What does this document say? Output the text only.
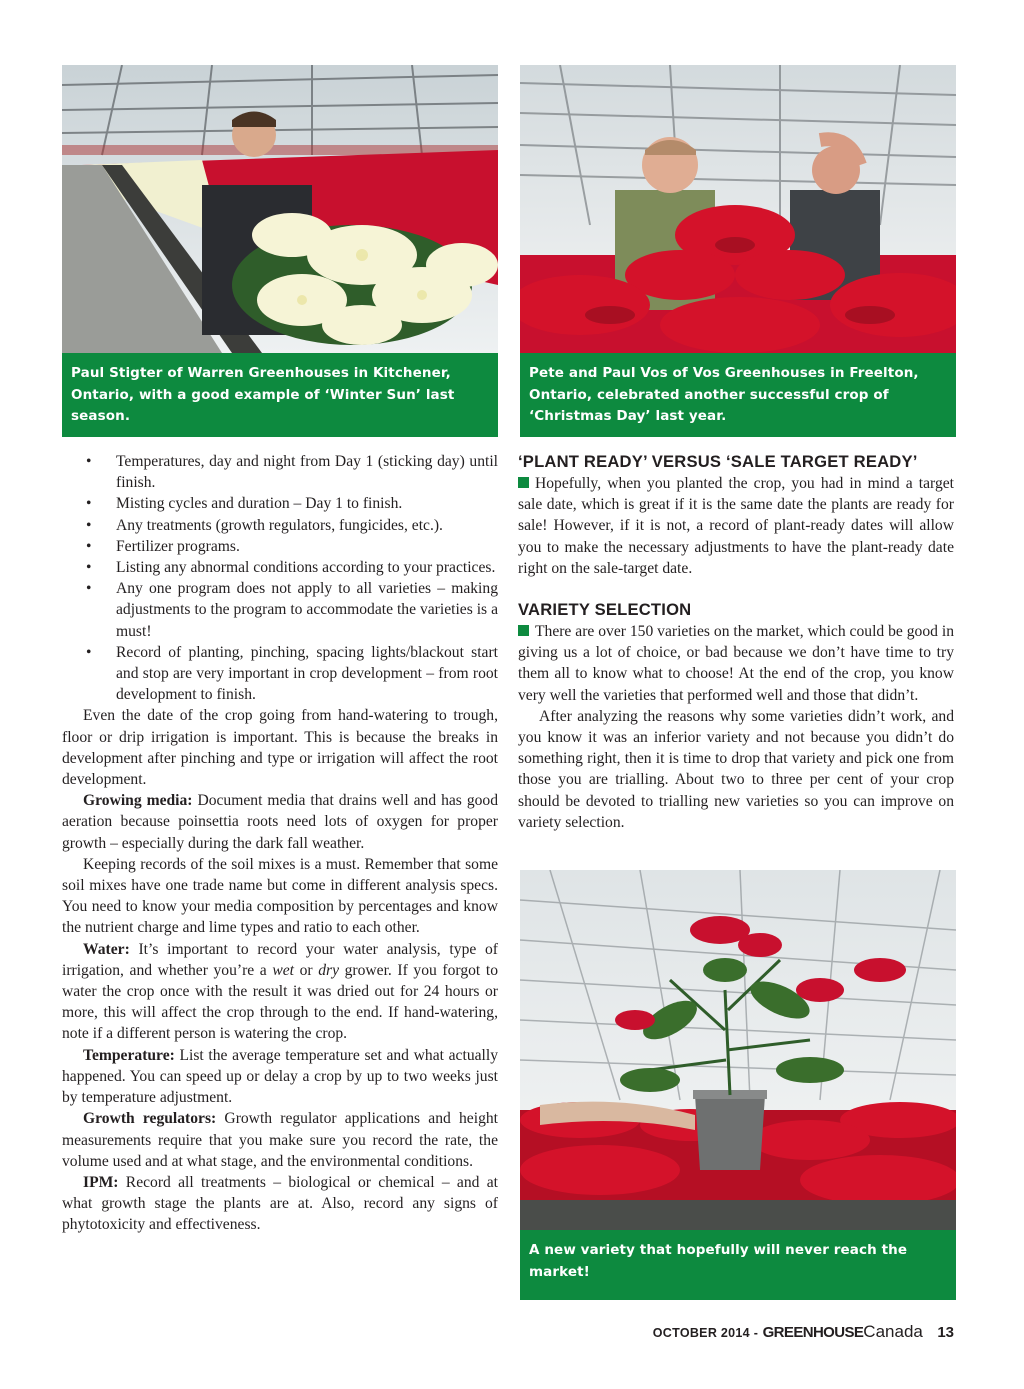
Paul Stigter of Warren Greenhouses in Kitchener, Ontario, with a good example of ‘Winter Sun’ last season.
Pete and Paul Vos of Vos Greenhouses in Freelton, Ontario, celebrated another successful crop of ‘Christmas Day’ last year.
• Temperatures, day and night from Day 1 (sticking day) until finish.
• Misting cycles and duration – Day 1 to finish.
• Any treatments (growth regulators, fungicides, etc.).
• Fertilizer programs.
• Listing any abnormal conditions according to your practices.
• Any one program does not apply to all varieties – making adjustments to the program to accommodate the varieties is a must!
• Record of planting, pinching, spacing lights/blackout start and stop are very important in crop development – from root development to finish.

Even the date of the crop going from hand-watering to trough, floor or drip irrigation is important. This is because the breaks in development after pinching and type or irrigation will affect the root development.

Growing media: Document media that drains well and has good aeration because poinsettia roots need lots of oxygen for proper growth – especially during the dark fall weather.

Keeping records of the soil mixes is a must. Remember that some soil mixes have one trade name but come in different analysis specs. You need to know your media composition by percentages and know the nutrient charge and lime types and ratio to each other.

Water: It’s important to record your water analysis, type of irrigation, and whether you’re a wet or dry grower. If you forgot to water the crop once with the result it was dried out for 24 hours or more, this will affect the crop through to the end. If hand-watering, note if a different person is watering the crop.

Temperature: List the average temperature set and what actually happened. You can speed up or delay a crop by up to two weeks just by temperature adjustment.

Growth regulators: Growth regulator applications and height measurements require that you make sure you record the rate, the volume used and at what stage, and the environmental conditions.

IPM: Record all treatments – biological or chemical – and at what growth stage the plants are at. Also, record any signs of phytotoxicity and effectiveness.

‘PLANT READY’ VERSUS ‘SALE TARGET READY’

Hopefully, when you planted the crop, you had in mind a target sale date, which is great if it is the same date the plants are ready for sale! However, if it is not, a record of plant-ready dates will allow you to make the necessary adjustments to have the plant-ready date right on the sale-target date.

VARIETY SELECTION

There are over 150 varieties on the market, which could be good in giving us a lot of choice, or bad because we don’t have time to try them all to know what to choose! At the end of the crop, you know very well the varieties that performed well and those that didn’t.

After analyzing the reasons why some varieties didn’t work, and you know it was an inferior variety and not because you didn’t do something right, then it is time to drop that variety and pick one from those you are trialling. About two to three per cent of your crop should be devoted to trialling new varieties so you can improve on variety selection.

A new variety that hopefully will never reach the market!
OCTOBER 2014 - GREENHOUSECanada 13
